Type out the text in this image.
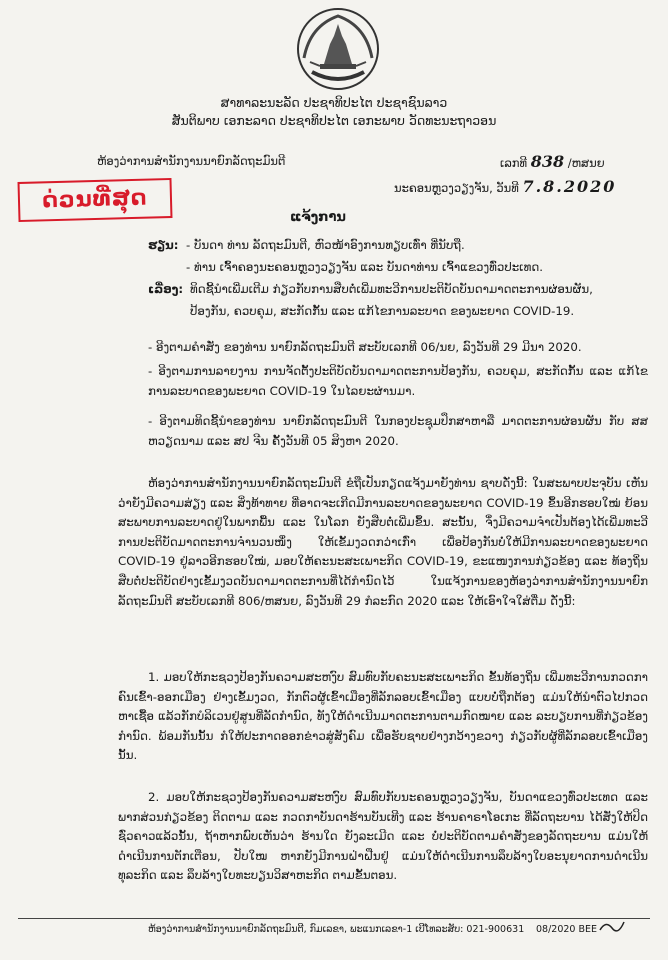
ສາທາລະນະລັດ ປະຊາທິປະໄຕ ປະຊາຊົນລາວ
ສັນຕິພາບ ເອກະລາດ ປະຊາທິປະໄຕ ເອກະພາບ ວັດທະນະຖາວອນ
ຫ້ອງວ່າການສຳນັກງານນາຍົກລັດຖະມົນຕີ	ເລກທີ 838 /ຫສນຍ
ນະຄອນຫຼວງວຽງຈັນ, ວັນທີ 7.8.2020
ດ່ວນທີ່ສຸດ
ແຈ້ງການ
ຮຽນ: - ບັນດາ ທ່ານ ລັດຖະມົນຕີ, ຫົວໜ້າອົງການທຽບເທົ່າ ທີ່ນັບຖື.
- ທ່ານ ເຈົ້າຄອງນະຄອນຫຼວງວຽງຈັນ ແລະ ບັນດາທ່ານ ເຈົ້າແຂວງທົ່ວປະເທດ.
ເລື່ອງ: ທິດຊີ້ນຳເພີ່ມເຕີມ ກ່ຽວກັບການສືບຕໍ່ເພີ່ມທະວີການປະຕິບັດບັນດາມາດຕະການຜ່ອນຜັນ,
ປ້ອງກັນ, ຄວບຄຸມ, ສະກັດກັ້ນ ແລະ ແກ້ໄຂການລະບາດ ຂອງພະຍາດ COVID-19.
- ອີງຕາມຄຳສັ່ງ ຂອງທ່ານ ນາຍົກລັດຖະມົນຕີ ສະບັບເລກທີ 06/ນຍ, ລົງວັນທີ 29 ມີນາ 2020.
- ອີງຕາມການລາຍງານ ການຈັດຕັ້ງປະຕິບັດບັນດາມາດຕະການປ້ອງກັນ, ຄວບຄຸມ, ສະກັດກັ້ນ ແລະ ແກ້ໄຂການລະບາດຂອງພະຍາດ COVID-19 ໃນໄລຍະຜ່ານມາ.
- ອີງຕາມທິດຊີ້ນຳຂອງທ່ານ ນາຍົກລັດຖະມົນຕີ ໃນກອງປະຊຸມປຶກສາຫາລື ມາດຕະການຜ່ອນຜັນ ກັບ ສສ ຫວຽດນາມ ແລະ ສປ ຈີນ ຄັ້ງວັນທີ 05 ສິງຫາ 2020.
ຫ້ອງວ່າການສຳນັກງານນາຍົກລັດຖະມົນຕີ ຂໍຖືເປັນກຽດແຈ້ງມາຍັງທ່ານ ຊາບດັ່ງນີ້: ໃນສະພາບປະຈຸບັນ ເຫັນວ່າຍັງມີຄວາມສ່ຽງ ແລະ ສິ່ງທ້າທາຍ ທີ່ອາດຈະເກີດມີການລະບາດຂອງພະຍາດ COVID-19 ຂຶ້ນອີກຮອບໃໝ່ ຍ້ອນສະພາບການລະບາດຢູ່ໃນພາກພື້ນ ແລະ ໃນໂລກ ຍັງສືບຕໍ່ເພີ່ມຂຶ້ນ. ສະນັ້ນ, ຈຶ່ງມີຄວາມຈຳເປັນຕ້ອງໄດ້ເພີ່ມທະວີການປະຕິບັດມາດຕະການຈຳນວນໜຶ່ງ ໃຫ້ເຂັ້ມງວດກວ່າເກົ່າ ເພື່ອປ້ອງກັນບໍ່ໃຫ້ມີການລະບາດຂອງພະຍາດ COVID-19 ຢູ່ລາວອີກຮອບໃໝ່, ມອບໃຫ້ຄະນະສະເພາະກິດ COVID-19, ຂະແໜງການກ່ຽວຂ້ອງ ແລະ ທ້ອງຖິ່ນ ສືບຕໍ່ປະຕິບັດຢ່າງເຂັ້ມງວດບັນດາມາດຕະການທີ່ໄດ້ກຳນົດໄວ້ ໃນແຈ້ງການຂອງຫ້ອງວ່າການສຳນັກງານນາຍົກລັດຖະມົນຕີ ສະບັບເລກທີ 806/ຫສນຍ, ລົງວັນທີ 29 ກໍລະກົດ 2020 ແລະ ໃຫ້ເອົາໃຈໃສ່ຕື່ມ ດັ່ງນີ້:
1. ມອບໃຫ້ກະຊວງປ້ອງກັນຄວາມສະຫງົບ ສົມທົບກັບຄະນະສະເພາະກິດ ຂັ້ນທ້ອງຖິ່ນ ເພີ່ມທະວີການກວດກາຄົນເຂົ້າ-ອອກເມືອງ ຢ່າງເຂັ້ມງວດ, ກັກຕົວຜູ້ເຂົ້າເມືອງທີ່ລັກລອບເຂົ້າເມືອງ ແບບບໍ່ຖືກຕ້ອງ ແມ່ນໃຫ້ນຳຕົວໄປກວດຫາເຊື້ອ ແລ້ວກັກບໍລິເວນຢູ່ສູນທີ່ລັດກຳນົດ, ທັງໃຫ້ດຳເນີນມາດຕະການຕາມກົດໝາຍ ແລະ ລະບຽບການທີ່ກ່ຽວຂ້ອງກຳນົດ. ພ້ອມກັນນັ້ນ ກໍໃຫ້ປະກາດອອກຂ່າວສູ່ສັງຄົມ ເພື່ອຮັບຊາບຢ່າງກວ້າງຂວາງ ກ່ຽວກັບຜູ້ທີ່ລັກລອບເຂົ້າເມືອງນັ້ນ.
2. ມອບໃຫ້ກະຊວງປ້ອງກັນຄວາມສະຫງົບ ສົມທົບກັບນະຄອນຫຼວງວຽງຈັນ, ບັນດາແຂວງທົ່ວປະເທດ ແລະ ພາກສ່ວນກ່ຽວຂ້ອງ ຕິດຕາມ ແລະ ກວດກາບັນດາຮ້ານບັນເທີງ ແລະ ຮ້ານຄາຣາໂອເກະ ທີ່ລັດຖະບານ ໄດ້ສັ່ງໃຫ້ປິດຊົ່ວຄາວແລ້ວນັ້ນ, ຖ້າຫາກພົບເຫັນວ່າ ຮ້ານໃດ ຍັງລະເມີດ ແລະ ບໍ່ປະຕິບັດຕາມຄຳສັ່ງຂອງລັດຖະບານ ແມ່ນໃຫ້ດຳເນີນການຕັກເຕືອນ, ປັບໃໝ ຫາກຍັງມີການຝ່າຝືນຢູ່ ແມ່ນໃຫ້ດຳເນີນການລຶບລ້າງໃບອະນຸຍາດການດຳເນີນທຸລະກິດ ແລະ ລຶບລ້າງໃບທະບຽນວິສາຫະກິດ ຕາມຂັ້ນຕອນ.
ຫ້ອງວ່າການສຳນັກງານນາຍົກລັດຖະມົນຕີ, ກົມເລຂາ, ພະແນກເລຂາ-1 ເບີໂທລະສັບ: 021-900631 08/2020 BEE
